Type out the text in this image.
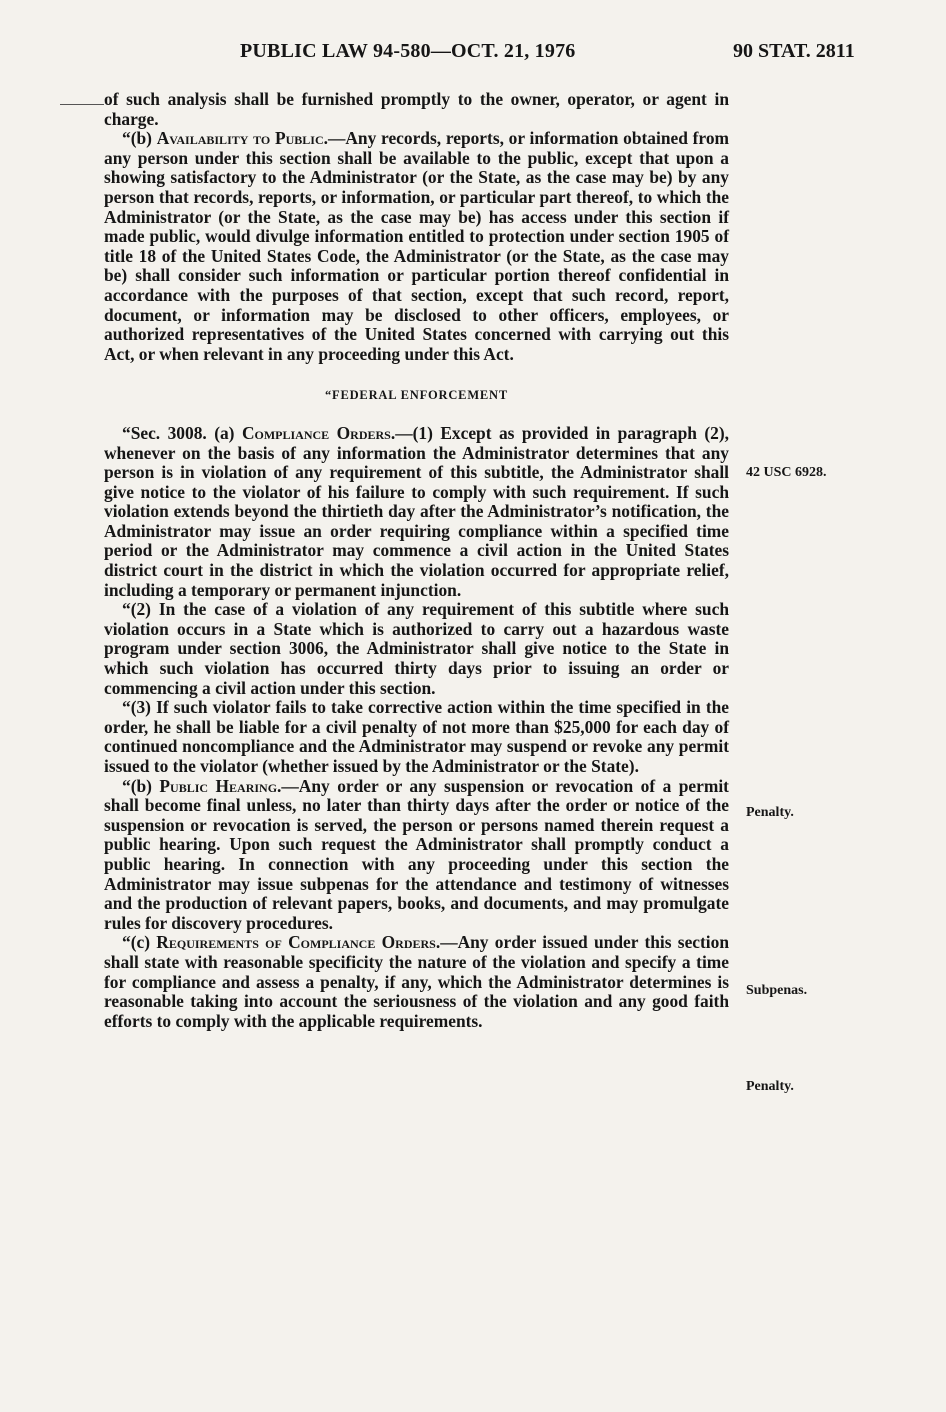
PUBLIC LAW 94-580—OCT. 21, 1976	90 STAT. 2811

of such analysis shall be furnished promptly to the owner, operator, or agent in charge.

“(b) Availability to Public.—Any records, reports, or information obtained from any person under this section shall be available to the public, except that upon a showing satisfactory to the Administrator (or the State, as the case may be) by any person that records, reports, or information, or particular part thereof, to which the Administrator (or the State, as the case may be) has access under this section if made public, would divulge information entitled to protection under section 1905 of title 18 of the United States Code, the Administrator (or the State, as the case may be) shall consider such information or particular portion thereof confidential in accordance with the purposes of that section, except that such record, report, document, or information may be disclosed to other officers, employees, or authorized representatives of the United States concerned with carrying out this Act, or when relevant in any proceeding under this Act.

“FEDERAL ENFORCEMENT

“Sec. 3008. (a) Compliance Orders.—(1) Except as provided in paragraph (2), whenever on the basis of any information the Administrator determines that any person is in violation of any requirement of this subtitle, the Administrator shall give notice to the violator of his failure to comply with such requirement. If such violation extends beyond the thirtieth day after the Administrator’s notification, the Administrator may issue an order requiring compliance within a specified time period or the Administrator may commence a civil action in the United States district court in the district in which the violation occurred for appropriate relief, including a temporary or permanent injunction.

“(2) In the case of a violation of any requirement of this subtitle where such violation occurs in a State which is authorized to carry out a hazardous waste program under section 3006, the Administrator shall give notice to the State in which such violation has occurred thirty days prior to issuing an order or commencing a civil action under this section.

“(3) If such violator fails to take corrective action within the time specified in the order, he shall be liable for a civil penalty of not more than $25,000 for each day of continued noncompliance and the Administrator may suspend or revoke any permit issued to the violator (whether issued by the Administrator or the State).

“(b) Public Hearing.—Any order or any suspension or revocation of a permit shall become final unless, no later than thirty days after the order or notice of the suspension or revocation is served, the person or persons named therein request a public hearing. Upon such request the Administrator shall promptly conduct a public hearing. In connection with any proceeding under this section the Administrator may issue subpenas for the attendance and testimony of witnesses and the production of relevant papers, books, and documents, and may promulgate rules for discovery procedures.

“(c) Requirements of Compliance Orders.—Any order issued under this section shall state with reasonable specificity the nature of the violation and specify a time for compliance and assess a penalty, if any, which the Administrator determines is reasonable taking into account the seriousness of the violation and any good faith efforts to comply with the applicable requirements.

42 USC 6928.
Penalty.
Subpenas.
Penalty.
